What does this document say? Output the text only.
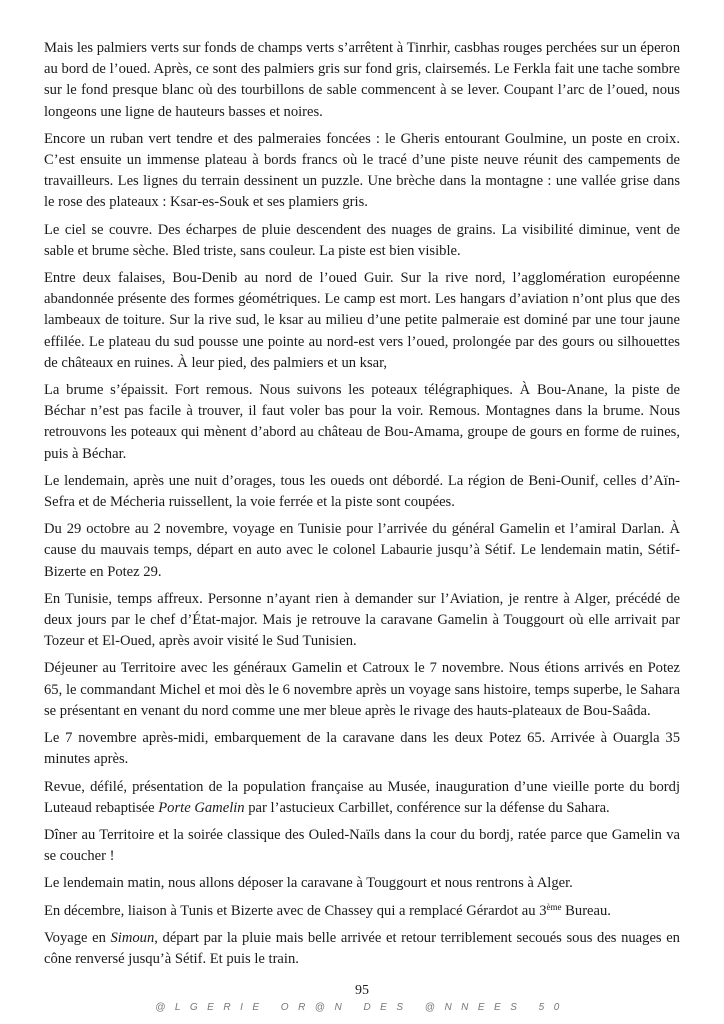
Mais les palmiers verts sur fonds de champs verts s’arrêtent à Tinrhir, casbhas rouges perchées sur un éperon au bord de l’oued. Après, ce sont des palmiers gris sur fond gris, clairsemés. Le Ferkla fait une tache sombre sur le fond presque blanc où des tourbillons de sable commencent à se lever. Coupant l’arc de l’oued, nous longeons une ligne de hauteurs basses et noires.

Encore un ruban vert tendre et des palmeraies foncées : le Gheris entourant Goulmine, un poste en croix. C’est ensuite un immense plateau à bords francs où le tracé d’une piste neuve réunit des campements de travailleurs. Les lignes du terrain dessinent un puzzle. Une brèche dans la montagne : une vallée grise dans le rose des plateaux : Ksar-es-Souk et ses plamiers gris.

Le ciel se couvre. Des écharpes de pluie descendent des nuages de grains. La visibilité diminue, vent de sable et brume sèche. Bled triste, sans couleur. La piste est bien visible.

Entre deux falaises, Bou-Denib au nord de l’oued Guir. Sur la rive nord, l’agglomération européenne abandonnée présente des formes géométriques. Le camp est mort. Les hangars d’aviation n’ont plus que des lambeaux de toiture. Sur la rive sud, le ksar au milieu d’une petite palmeraie est dominé par une tour jaune effilée. Le plateau du sud pousse une pointe au nord-est vers l’oued, prolongée par des gours ou silhouettes de châteaux en ruines. À leur pied, des palmiers et un ksar,

La brume s’épaissit. Fort remous. Nous suivons les poteaux télégraphiques. À Bou-Anane, la piste de Béchar n’est pas facile à trouver, il faut voler bas pour la voir. Remous. Montagnes dans la brume. Nous retrouvons les poteaux qui mènent d’abord au château de Bou-Amama, groupe de gours en forme de ruines, puis à Béchar.

Le lendemain, après une nuit d’orages, tous les oueds ont débordé. La région de Beni-Ounif, celles d’Aïn-Sefra et de Mécheria ruissellent, la voie ferrée et la piste sont coupées.

Du 29 octobre au 2 novembre, voyage en Tunisie pour l’arrivée du général Gamelin et l’amiral Darlan. À cause du mauvais temps, départ en auto avec le colonel Labaurie jusqu’à Sétif. Le lendemain matin, Sétif-Bizerte en Potez 29.

En Tunisie, temps affreux. Personne n’ayant rien à demander sur l’Aviation, je rentre à Alger, précédé de deux jours par le chef d’État-major. Mais je retrouve la caravane Gamelin à Touggourt où elle arrivait par Tozeur et El-Oued, après avoir visité le Sud Tunisien.

Déjeuner au Territoire avec les généraux Gamelin et Catroux le 7 novembre. Nous étions arrivés en Potez 65, le commandant Michel et moi dès le 6 novembre après un voyage sans histoire, temps superbe, le Sahara se présentant en venant du nord comme une mer bleue après le rivage des hauts-plateaux de Bou-Saâda.

Le 7 novembre après-midi, embarquement de la caravane dans les deux Potez 65. Arrivée à Ouargla 35 minutes après.

Revue, défilé, présentation de la population française au Musée, inauguration d’une vieille porte du bordj Luteaud rebaptisée Porte Gamelin par l’astucieux Carbillet, conférence sur la défense du Sahara.

Dîner au Territoire et la soirée classique des Ouled-Naïls dans la cour du bordj, ratée parce que Gamelin va se coucher !

Le lendemain matin, nous allons déposer la caravane à Touggourt et nous rentrons à Alger.

En décembre, liaison à Tunis et Bizerte avec de Chassey qui a remplacé Gérardot au 3ème Bureau.

Voyage en Simoun, départ par la pluie mais belle arrivée et retour terriblement secoués sous des nuages en cône renversé jusqu’à Sétif. Et puis le train.

95
@LGERIE OR@N DES @NNEES 50
